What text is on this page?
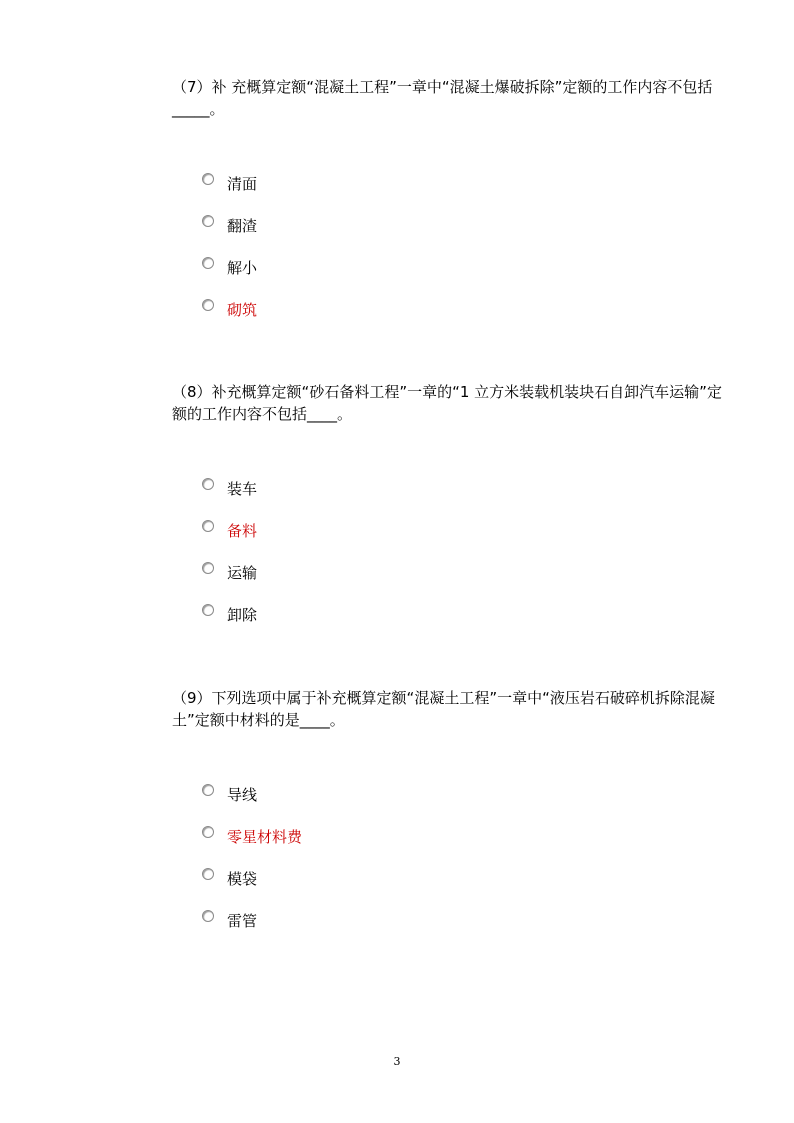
（7）补 充概算定额“混凝土工程”一章中“混凝土爆破拆除”定额的工作内容不包括_____。

清面
翻渣
解小
砌筑

（8）补充概算定额“砂石备料工程”一章的“1 立方米装载机装块石自卸汽车运输”定额的工作内容不包括____。

装车
备料
运输
卸除

（9）下列选项中属于补充概算定额“混凝土工程”一章中“液压岩石破碎机拆除混凝土”定额中材料的是____。

导线
零星材料费
模袋
雷管
3
